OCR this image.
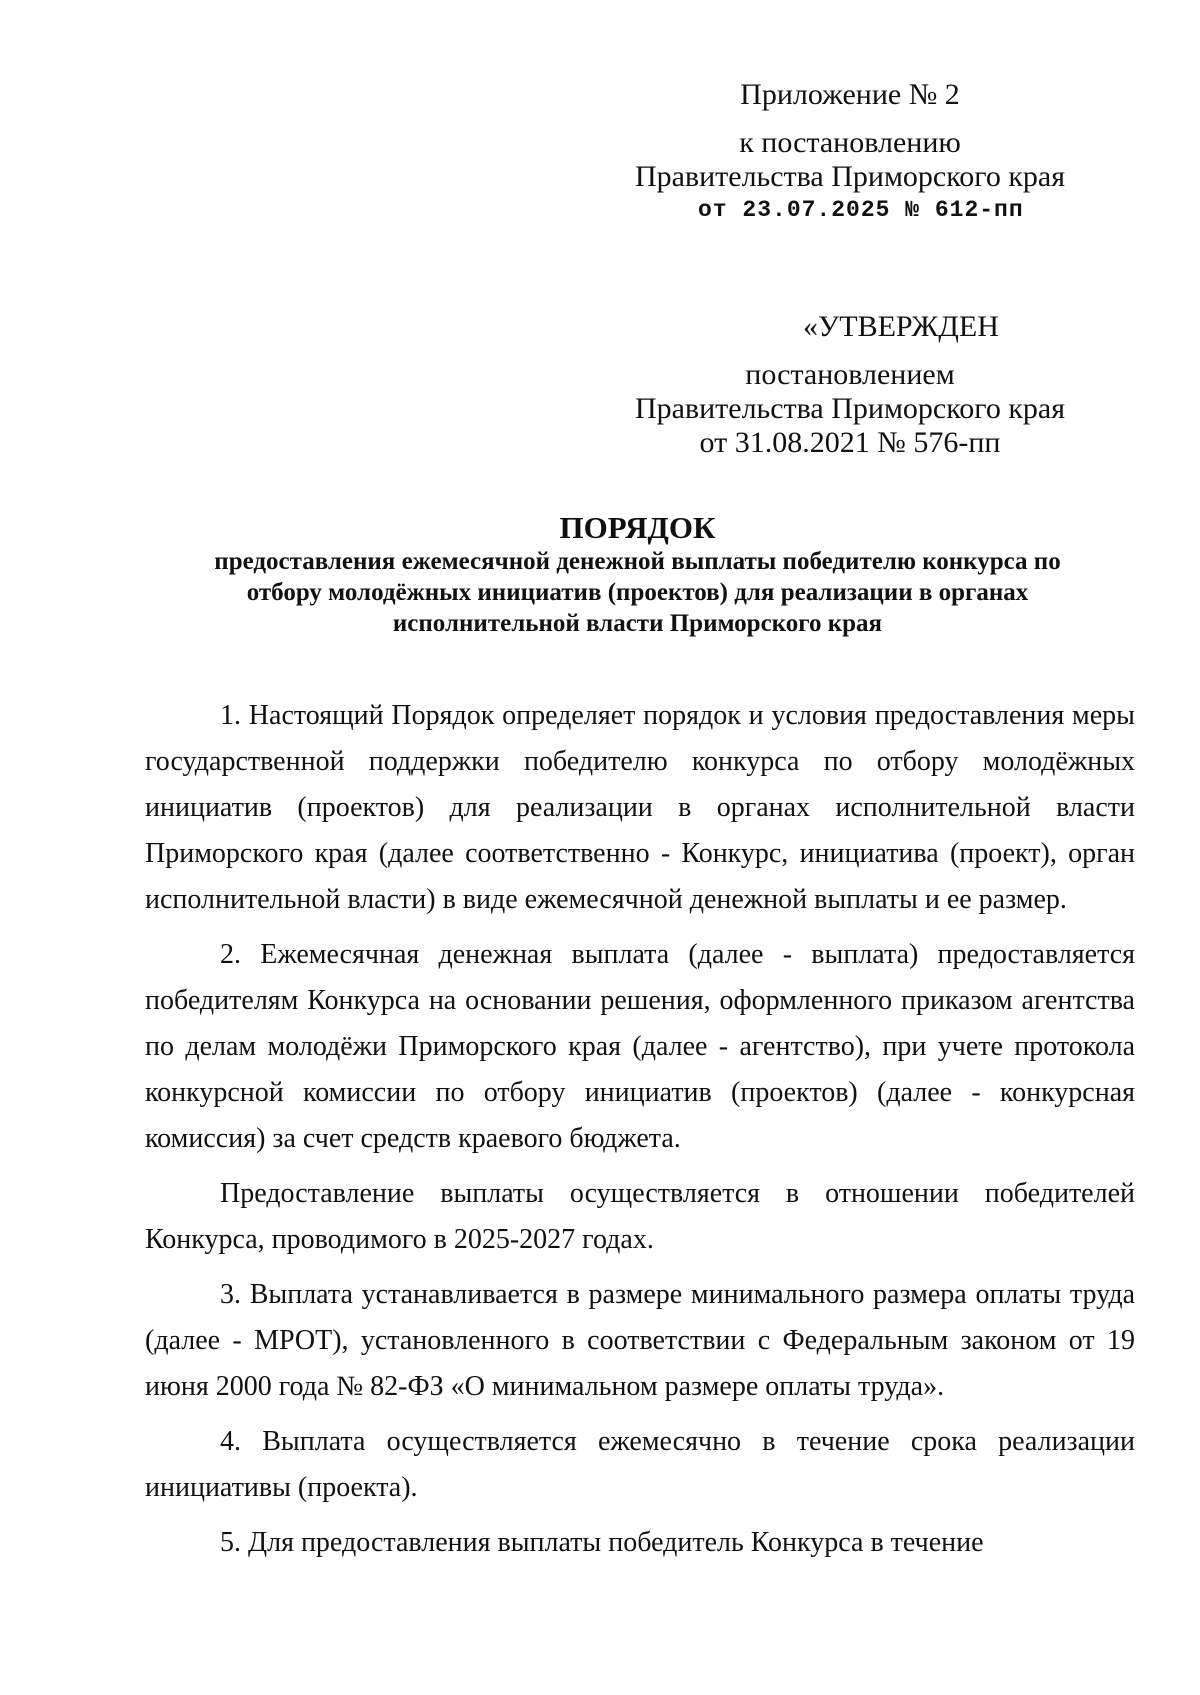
Приложение № 2
к постановлению
Правительства Приморского края
от 23.07.2025 № 612-пп
«УТВЕРЖДЕН
постановлением
Правительства Приморского края
от 31.08.2021 № 576-пп
ПОРЯДОК
предоставления ежемесячной денежной выплаты победителю конкурса по
отбору молодёжных инициатив (проектов) для реализации в органах
исполнительной власти Приморского края

1. Настоящий Порядок определяет порядок и условия предоставления меры государственной поддержки победителю конкурса по отбору молодёжных инициатив (проектов) для реализации в органах исполнительной власти Приморского края (далее соответственно - Конкурс, инициатива (проект), орган исполнительной власти) в виде ежемесячной денежной выплаты и ее размер.

2. Ежемесячная денежная выплата (далее - выплата) предоставляется победителям Конкурса на основании решения, оформленного приказом агентства по делам молодёжи Приморского края (далее - агентство), при учете протокола конкурсной комиссии по отбору инициатив (проектов) (далее - конкурсная комиссия) за счет средств краевого бюджета.

Предоставление выплаты осуществляется в отношении победителей Конкурса, проводимого в 2025-2027 годах.

3. Выплата устанавливается в размере минимального размера оплаты труда (далее - МРОТ), установленного в соответствии с Федеральным законом от 19 июня 2000 года № 82-ФЗ «О минимальном размере оплаты труда».

4. Выплата осуществляется ежемесячно в течение срока реализации инициативы (проекта).

5. Для предоставления выплаты победитель Конкурса в течение
